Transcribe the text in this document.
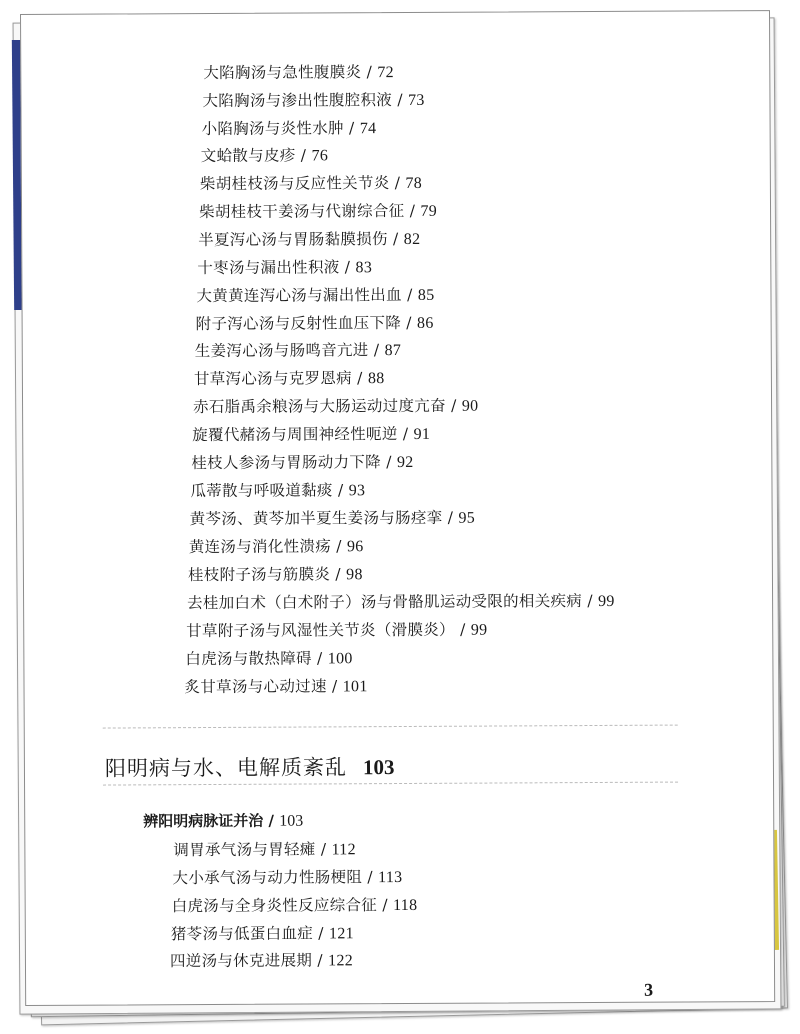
大陷胸汤与急性腹膜炎 / 72
大陷胸汤与渗出性腹腔积液 / 73
小陷胸汤与炎性水肿 / 74
文蛤散与皮疹 / 76
柴胡桂枝汤与反应性关节炎 / 78
柴胡桂枝干姜汤与代谢综合征 / 79
半夏泻心汤与胃肠黏膜损伤 / 82
十枣汤与漏出性积液 / 83
大黄黄连泻心汤与漏出性出血 / 85
附子泻心汤与反射性血压下降 / 86
生姜泻心汤与肠鸣音亢进 / 87
甘草泻心汤与克罗恩病 / 88
赤石脂禹余粮汤与大肠运动过度亢奋 / 90
旋覆代赭汤与周围神经性呃逆 / 91
桂枝人参汤与胃肠动力下降 / 92
瓜蒂散与呼吸道黏痰 / 93
黄芩汤、黄芩加半夏生姜汤与肠痉挛 / 95
黄连汤与消化性溃疡 / 96
桂枝附子汤与筋膜炎 / 98
去桂加白术（白术附子）汤与骨骼肌运动受限的相关疾病 / 99
甘草附子汤与风湿性关节炎（滑膜炎） / 99
白虎汤与散热障碍 / 100
炙甘草汤与心动过速 / 101
阳明病与水、电解质紊乱 103
辨阳明病脉证并治 / 103
调胃承气汤与胃轻瘫 / 112
大小承气汤与动力性肠梗阻 / 113
白虎汤与全身炎性反应综合征 / 118
猪苓汤与低蛋白血症 / 121
四逆汤与休克进展期 / 122
3
